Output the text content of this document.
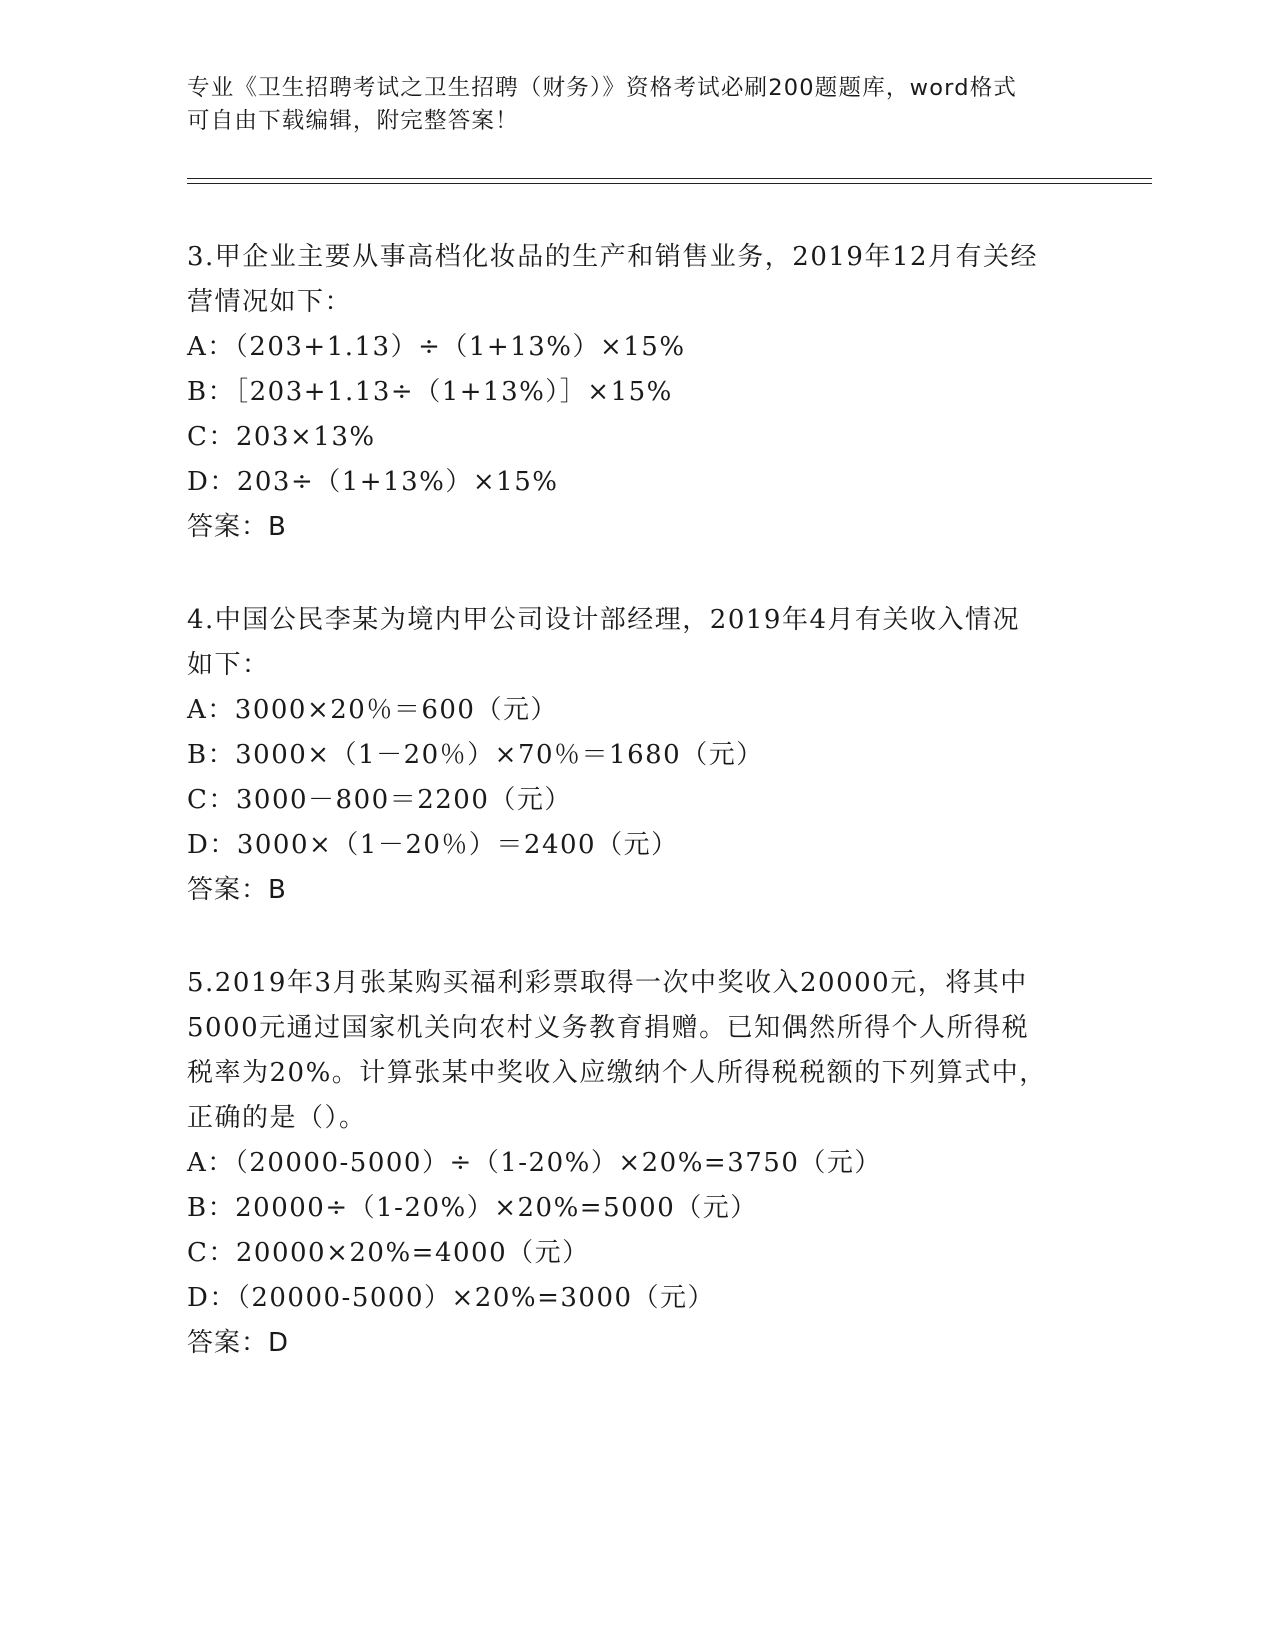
专业《卫生招聘考试之卫生招聘（财务）》资格考试必刷200题题库，word格式
可自由下载编辑，附完整答案！
3.甲企业主要从事高档化妆品的生产和销售业务，2019年12月有关经
营情况如下：
A：（203+1.13）÷（1+13%）×15%
B：［203+1.13÷（1+13%）］×15%
C：203×13%
D：203÷（1+13%）×15%
答案：B
4.中国公民李某为境内甲公司设计部经理，2019年4月有关收入情况
如下：
A：3000×20％＝600（元）
B：3000×（1－20％）×70％＝1680（元）
C：3000－800＝2200（元）
D：3000×（1－20％）＝2400（元）
答案：B
5.2019年3月张某购买福利彩票取得一次中奖收入20000元，将其中
5000元通过国家机关向农村义务教育捐赠。已知偶然所得个人所得税
税率为20%。计算张某中奖收入应缴纳个人所得税税额的下列算式中，
正确的是（）。
A：（20000-5000）÷（1-20%）×20%=3750（元）
B：20000÷（1-20%）×20%=5000（元）
C：20000×20%=4000（元）
D：（20000-5000）×20%=3000（元）
答案：D
